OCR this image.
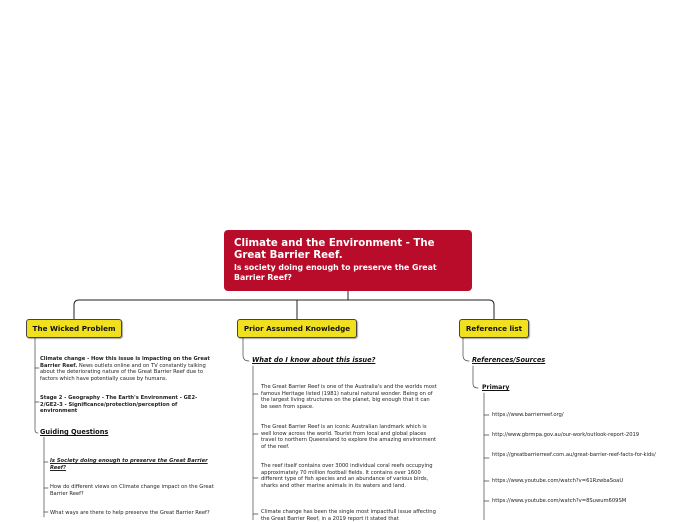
Climate and the Environment - The Great Barrier Reef.
Is society doing enough to preserve the Great Barrier Reef?
The Wicked Problem	Prior Assumed Knowledge	Reference list
Climate change - How this issue is impacting on the Great Barrier Reef. News outlets online and on TV constantly talking about the deteriorating nature of the Great Barrier Reef due to factors which have potentially cause by humans.
Stage 2 - Geography - The Earth's Environment - GE2-2/GE2-3 - Significance/protection/perception of environment
Guiding Questions
Is Society doing enough to preserve the Great Barrier Reef?
How do different views on Climate change impact on the Great Barrier Reef?
What ways are there to help preserve the Great Barrier Reef?
What do I know about this issue?
The Great Barrier Reef is one of the Australia's and the worlds most famous Heritage listed (1981) natural natural wonder. Being on of the largest living structures on the planet, big enough that it can be seen from space.
The Great Barrier Reef is an iconic Australian landmark which is well know across the world. Tourist from local and global places travel to northern Queensland to explore the amazing environment of the reef.
The reef itself contains over 3000 individual coral reefs occupying approximately 70 million football fields. It contains over 1600 different type of fish species and an abundance of various birds, sharks and other marine animals in its waters and land.
Climate change has been the single most impactfull issue affecting the Great Barrier Reef, in a 2019 report it stated that
References/Sources
Primary
https://www.barrierreef.org/
http://www.gbrmpa.gov.au/our-work/outlook-report-2019
https://greatbarrierreef.com.au/great-barrier-reef-facts-for-kids/
https://www.youtube.com/watch?v=61RzwbaSoaU
https://www.youtube.com/watch?v=8Suwum609SM
